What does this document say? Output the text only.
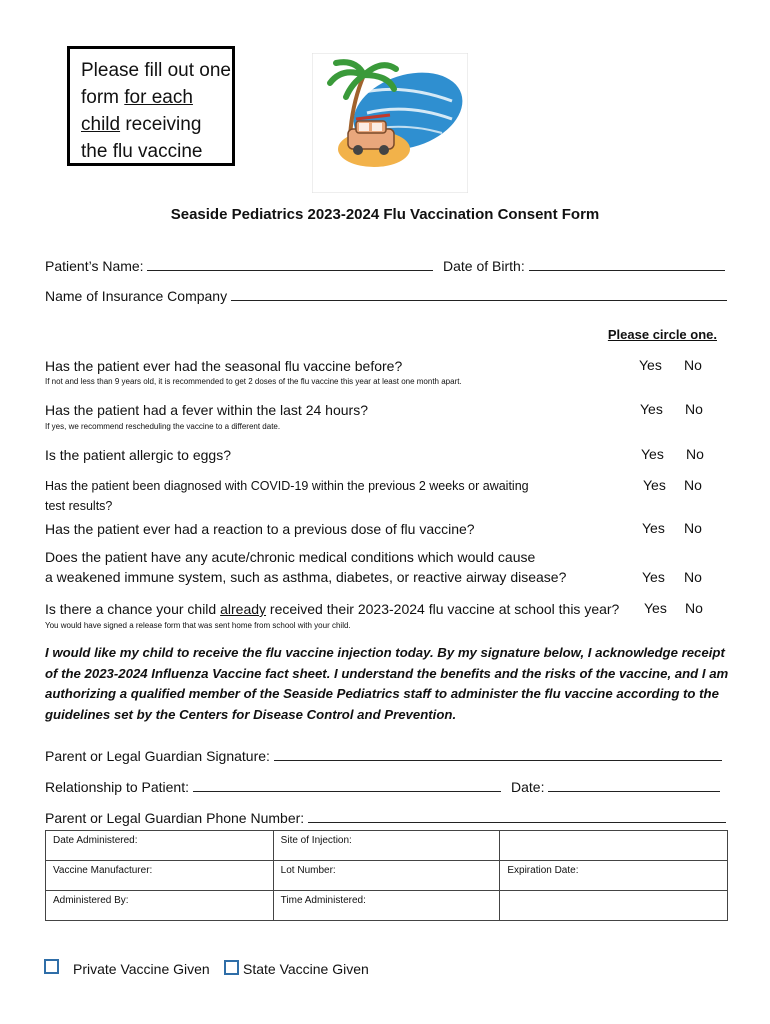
Please fill out one
form for each
child receiving
the flu vaccine
Seaside Pediatrics 2023-2024 Flu Vaccination Consent Form
Patient’s Name:	Date of Birth:
Name of Insurance Company
Please circle one.
Has the patient ever had the seasonal flu vaccine before?
If not and less than 9 years old, it is recommended to get 2 doses of the flu vaccine this year at least one month apart.
Yes No
Has the patient had a fever within the last 24 hours?
If yes, we recommend rescheduling the vaccine to a different date.
Yes No
Is the patient allergic to eggs?	Yes No
Has the patient been diagnosed with COVID-19 within the previous 2 weeks or awaiting
test results?
Yes No
Has the patient ever had a reaction to a previous dose of flu vaccine?	Yes No
Does the patient have any acute/chronic medical conditions which would cause
a weakened immune system, such as asthma, diabetes, or reactive airway disease?	Yes No
Is there a chance your child already received their 2023-2024 flu vaccine at school this year?
You would have signed a release form that was sent home from school with your child.
Yes No
I would like my child to receive the flu vaccine injection today. By my signature below, I acknowledge receipt of the 2023-2024 Influenza Vaccine fact sheet. I understand the benefits and the risks of the vaccine, and I am authorizing a qualified member of the Seaside Pediatrics staff to administer the flu vaccine according to the guidelines set by the Centers for Disease Control and Prevention.
Parent or Legal Guardian Signature:
Relationship to Patient:	Date:
Parent or Legal Guardian Phone Number:
Date Administered:	Site of Injection:	
Vaccine Manufacturer:	Lot Number:	Expiration Date:
Administered By:	Time Administered:	
Private Vaccine Given State Vaccine Given
